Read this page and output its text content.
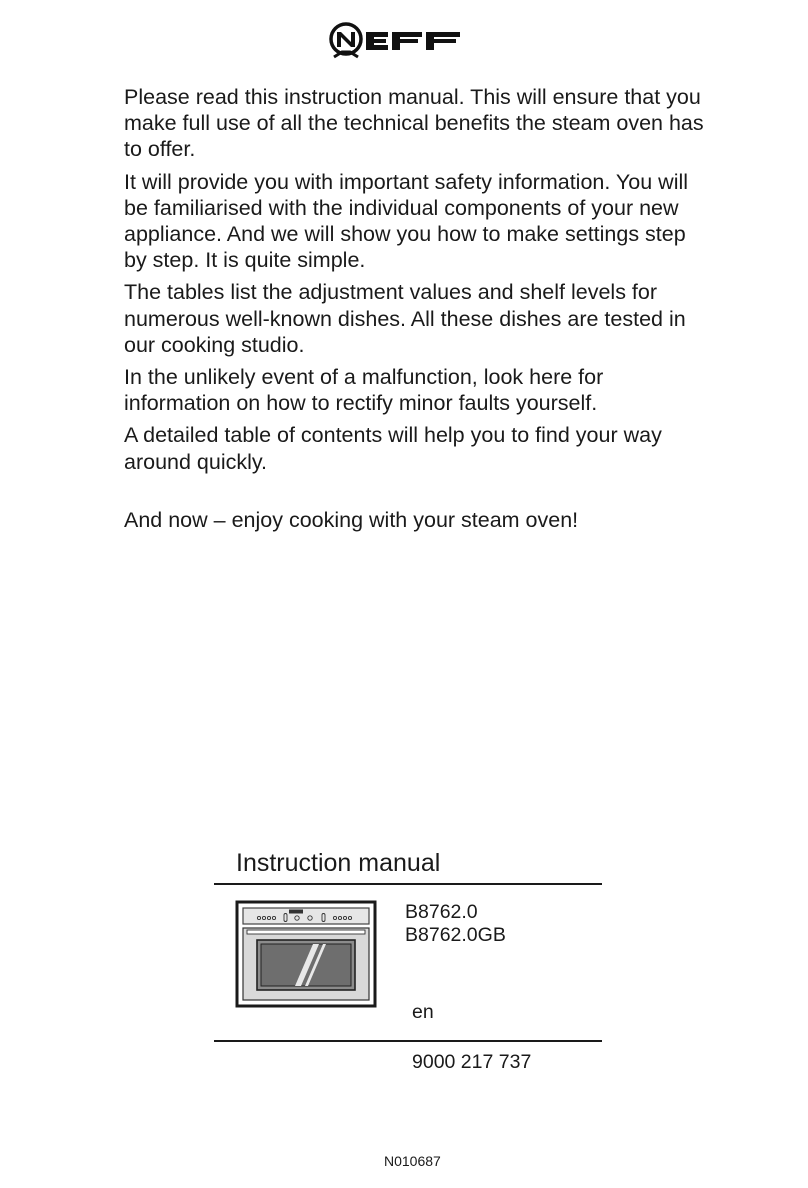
Please read this instruction manual. This will ensure that you make full use of all the technical benefits the steam oven has to offer.

It will provide you with important safety information. You will be familiarised with the individual components of your new appliance. And we will show you how to make settings step by step. It is quite simple.

The tables list the adjustment values and shelf levels for numerous well-known dishes. All these dishes are tested in our cooking studio.

In the unlikely event of a malfunction, look here for information on how to rectify minor faults yourself.

A detailed table of contents will help you to find your way around quickly.

And now – enjoy cooking with your steam oven!

Instruction manual
B8762.0
B8762.0GB
en
9000 217 737
N010687
